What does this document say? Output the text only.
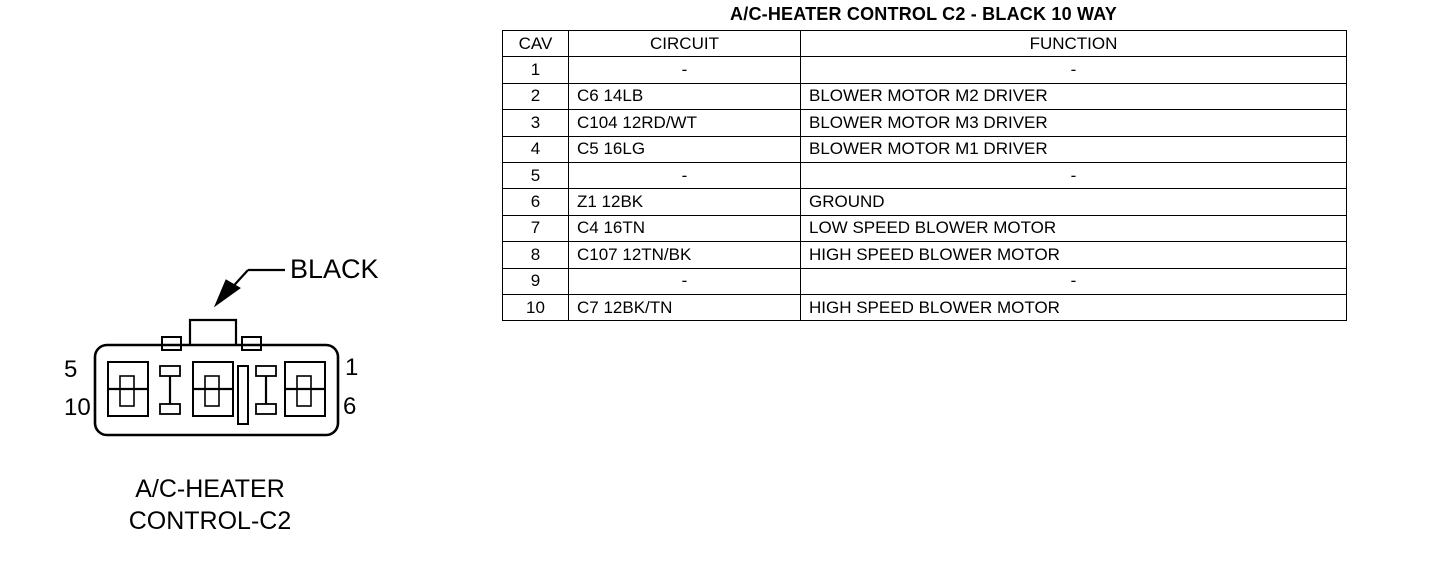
A/C-HEATER CONTROL C2 - BLACK 10 WAY
CAV	CIRCUIT	FUNCTION
1	-	-
2	C6 14LB	BLOWER MOTOR M2 DRIVER
3	C104 12RD/WT	BLOWER MOTOR M3 DRIVER
4	C5 16LG	BLOWER MOTOR M1 DRIVER
5	-	-
6	Z1 12BK	GROUND
7	C4 16TN	LOW SPEED BLOWER MOTOR
8	C107 12TN/BK	HIGH SPEED BLOWER MOTOR
9	-	-
10	C7 12BK/TN	HIGH SPEED BLOWER MOTOR
BLACK
5
10
1
6
A/C-HEATER
CONTROL-C2
